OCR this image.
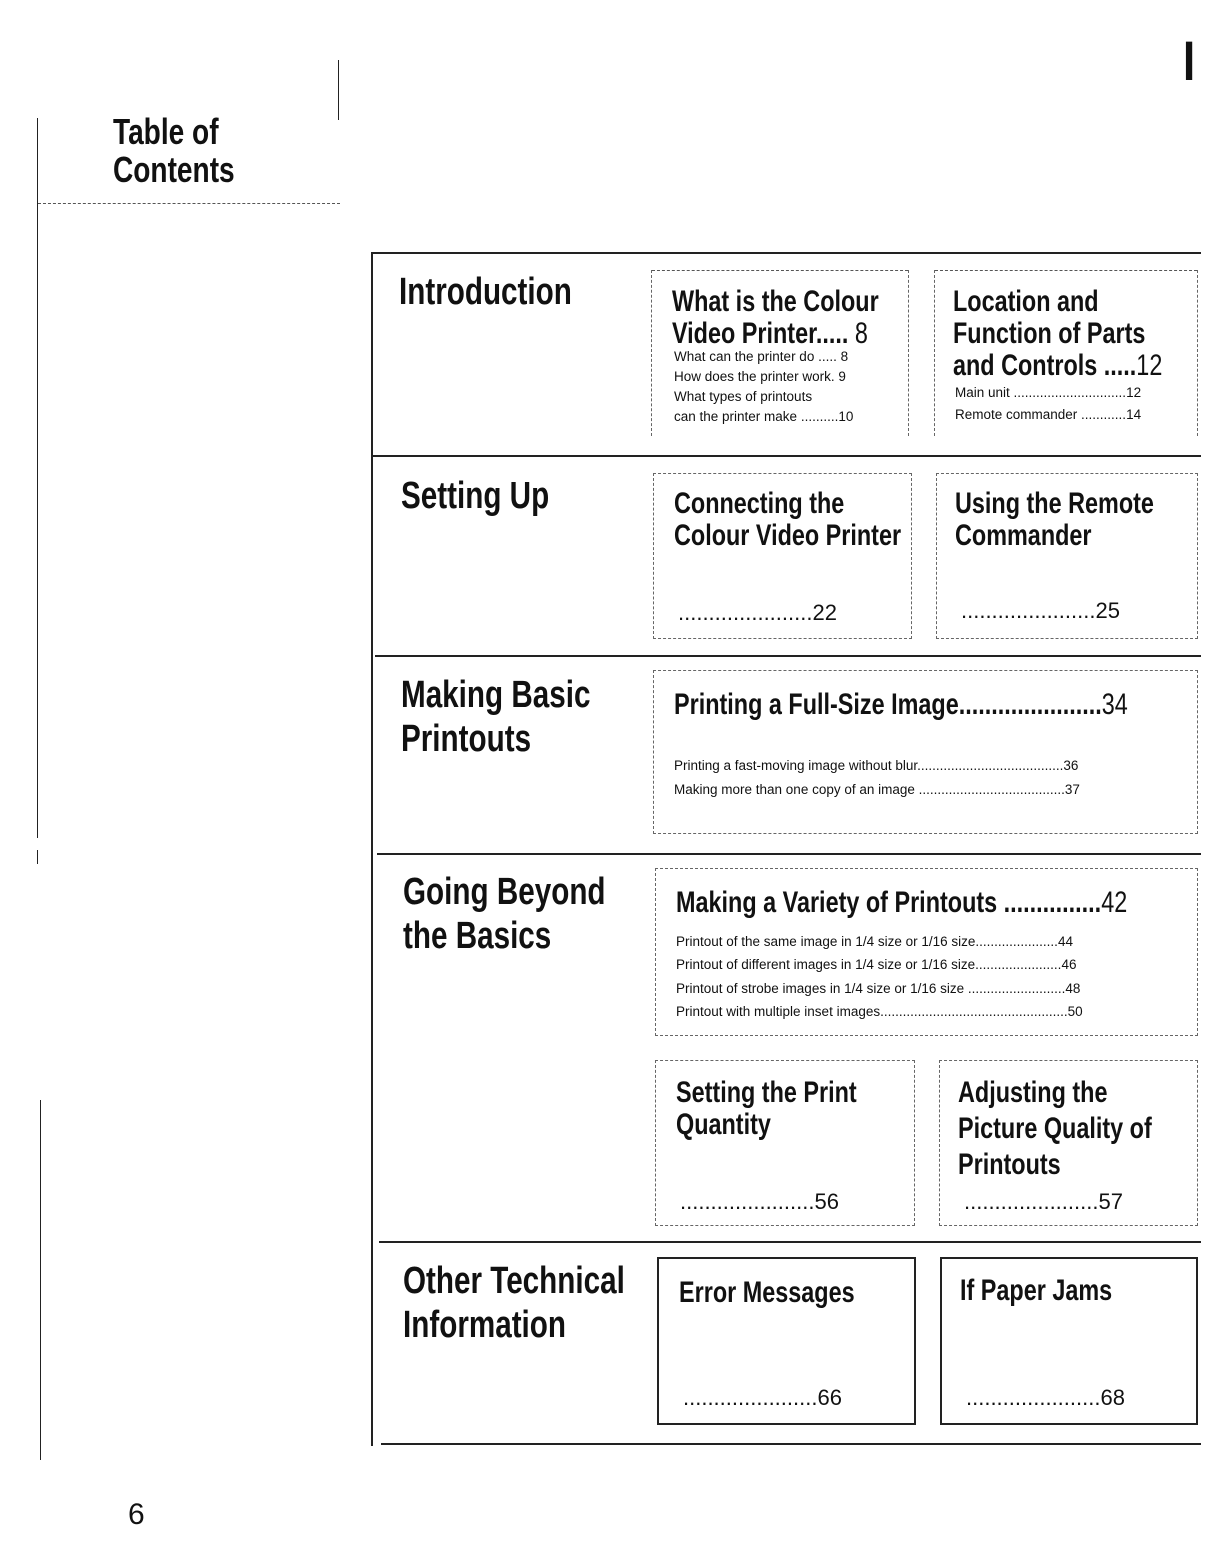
I
Table of
Contents
Introduction	What is the Colour
Video Printer..... 8
What can the printer do ..... 8
How does the printer work. 9
What types of printouts
can the printer make ..........10
Location and
Function of Parts
and Controls .....12
Main unit ..............................12
Remote commander ............14
Setting Up	Connecting the
Colour Video Printer
......................22
Using the Remote
Commander
......................25
Making Basic
Printouts
Printing a Full-Size Image......................34
Printing a fast-moving image without blur.......................................36
Making more than one copy of an image .......................................37
Going Beyond
the Basics
Making a Variety of Printouts ...............42
Printout of the same image in 1/4 size or 1/16 size......................44
Printout of different images in 1/4 size or 1/16 size.......................46
Printout of strobe images in 1/4 size or 1/16 size ..........................48
Printout with multiple inset images..................................................50
Setting the Print
Quantity
......................56
Adjusting the
Picture Quality of
Printouts
......................57
Other Technical
Information
Error Messages
......................66
If Paper Jams
......................68
6
